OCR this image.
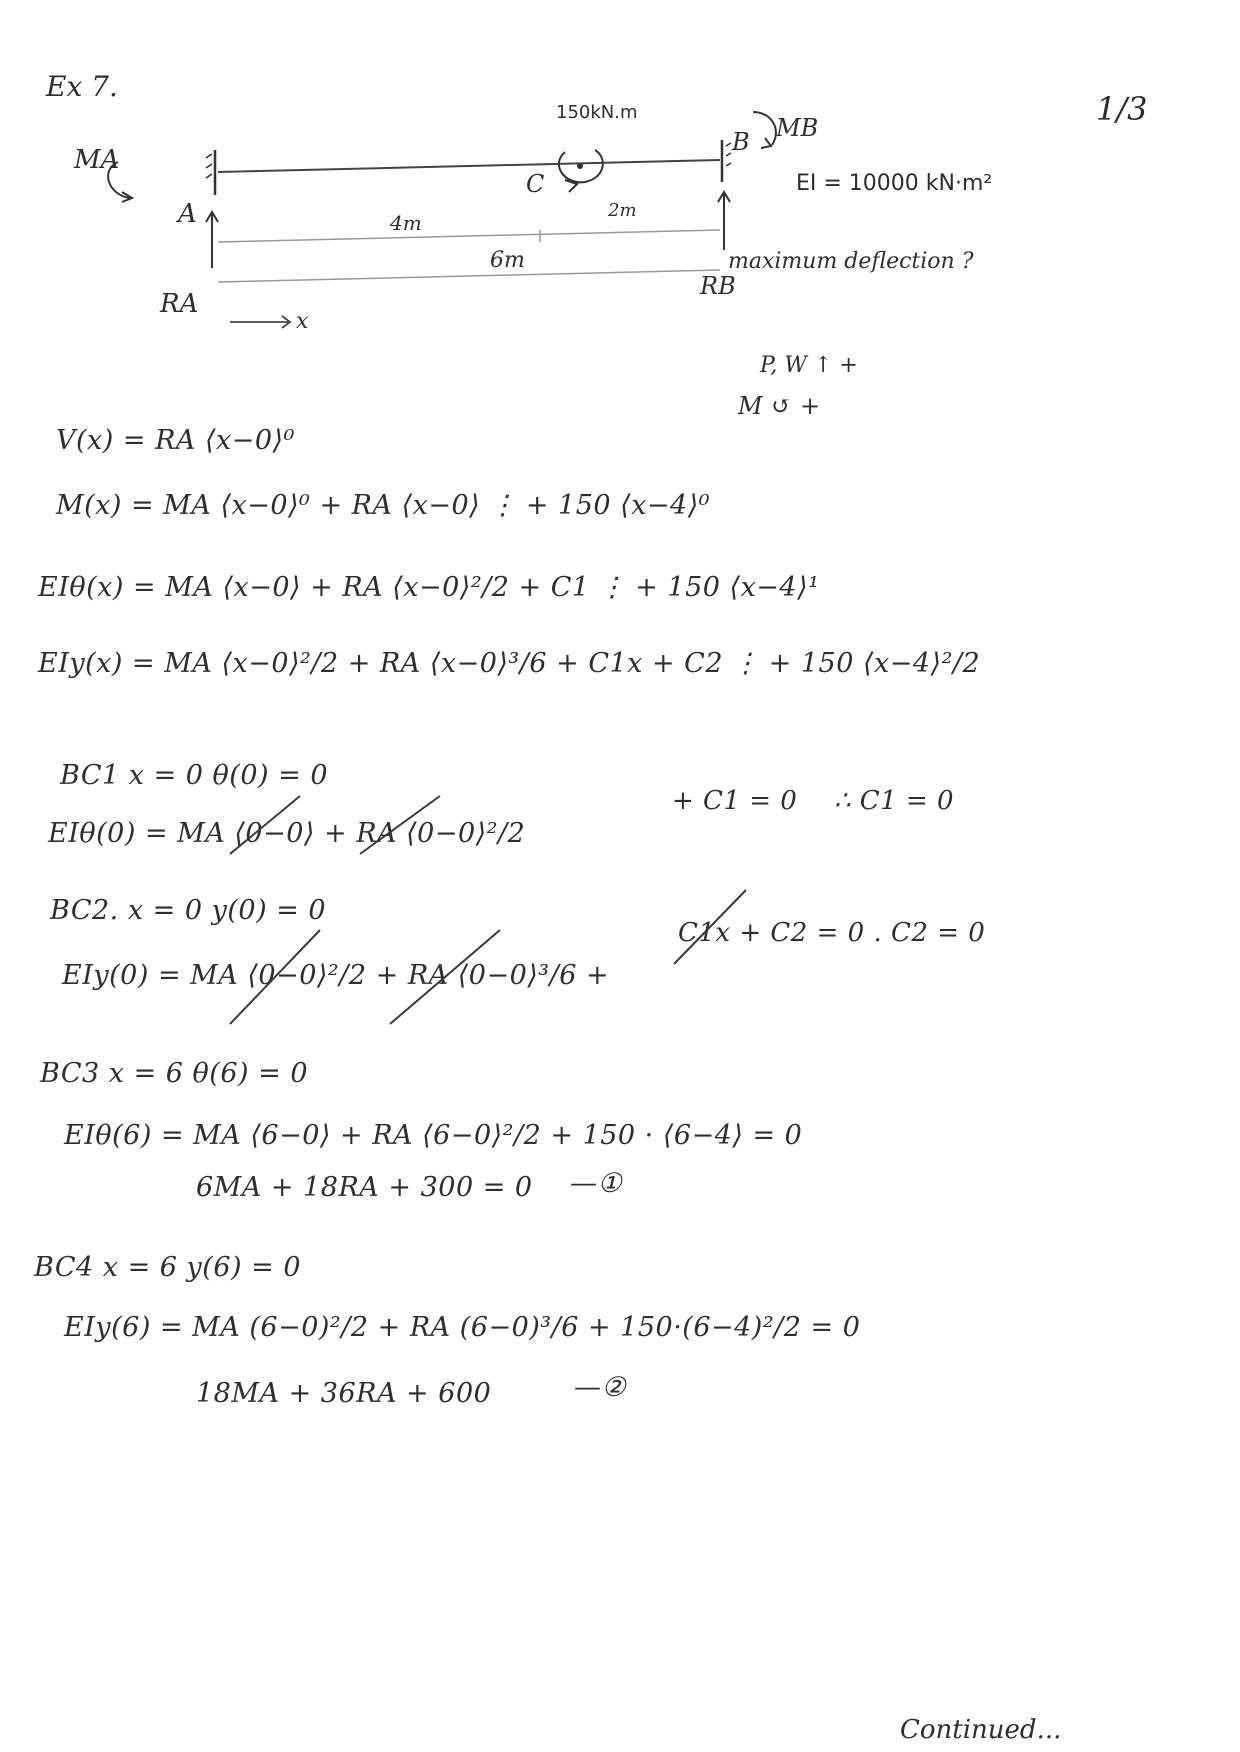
Ex 7.
1/3
MA
A
C
150kN.m
B MB
EI = 10000 kN·m²
4m
2m
6m
RA
RB
x
maximum deflection ?
P, W ↑ +
M ↺ +
V(x) = RA ⟨x−0⟩⁰
M(x) = MA ⟨x−0⟩⁰ + RA ⟨x−0⟩ ⋮ + 150 ⟨x−4⟩⁰
EIθ(x) = MA ⟨x−0⟩ + RA ⟨x−0⟩²/2 + C1 ⋮ + 150 ⟨x−4⟩¹
EIy(x) = MA ⟨x−0⟩²/2 + RA ⟨x−0⟩³/6 + C1x + C2 ⋮ + 150 ⟨x−4⟩²/2
BC1 x = 0 θ(0) = 0
EIθ(0) = MA ⟨0−0⟩ + RA ⟨0−0⟩²/2
+ C1 = 0 ∴ C1 = 0
BC2. x = 0 y(0) = 0
EIy(0) = MA ⟨0−0⟩²/2 + RA ⟨0−0⟩³/6 +
C1x + C2 = 0 . C2 = 0
BC3 x = 6 θ(6) = 0
EIθ(6) = MA ⟨6−0⟩ + RA ⟨6−0⟩²/2 + 150 · ⟨6−4⟩ = 0
6MA + 18RA + 300 = 0 —①
BC4 x = 6 y(6) = 0
EIy(6) = MA (6−0)²/2 + RA (6−0)³/6 + 150·(6−4)²/2 = 0
18MA + 36RA + 600	—②
Continued...
